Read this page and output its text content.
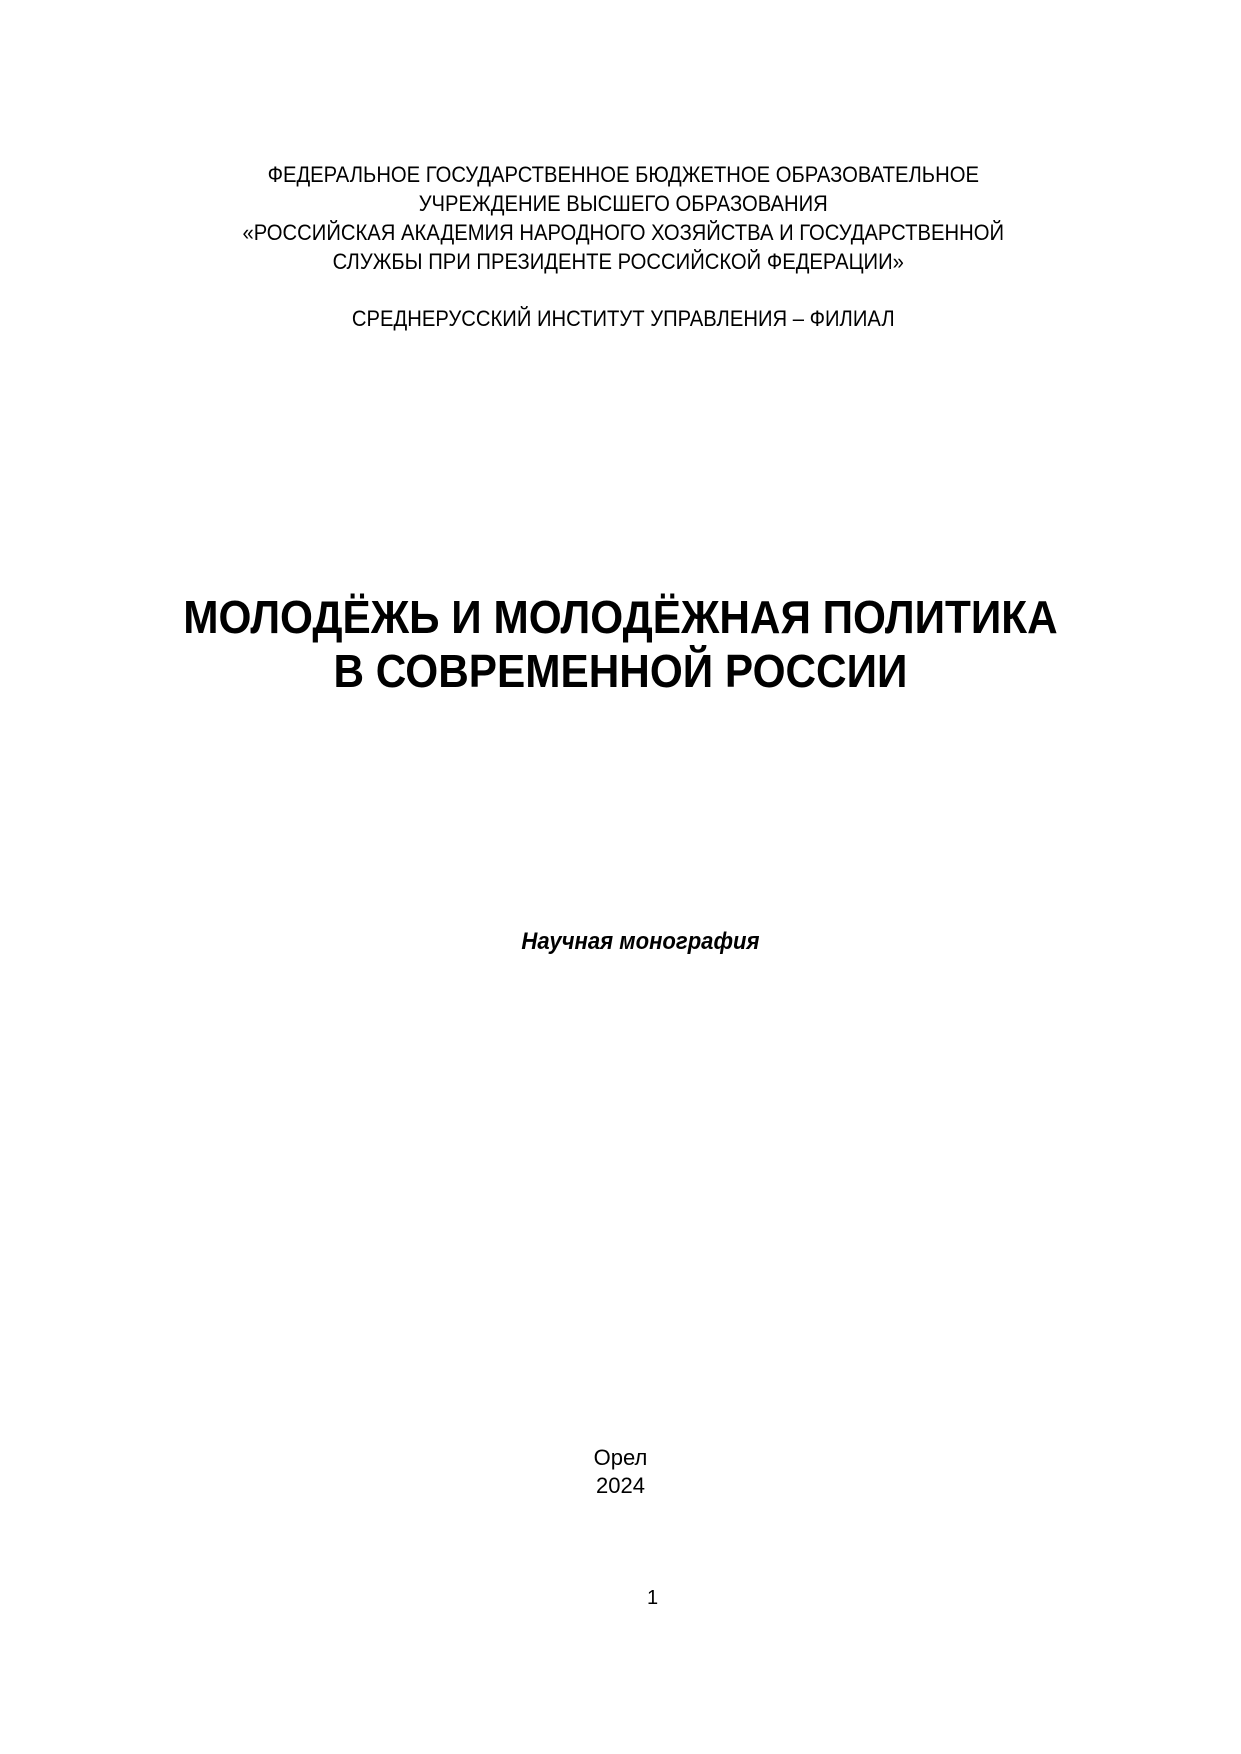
ФЕДЕРАЛЬНОЕ ГОСУДАРСТВЕННОЕ БЮДЖЕТНОЕ ОБРАЗОВАТЕЛЬНОЕ
УЧРЕЖДЕНИЕ ВЫСШЕГО ОБРАЗОВАНИЯ
«РОССИЙСКАЯ АКАДЕМИЯ НАРОДНОГО ХОЗЯЙСТВА И ГОСУДАРСТВЕННОЙ
СЛУЖБЫ ПРИ ПРЕЗИДЕНТЕ РОССИЙСКОЙ ФЕДЕРАЦИИ»
СРЕДНЕРУССКИЙ ИНСТИТУТ УПРАВЛЕНИЯ – ФИЛИАЛ
МОЛОДЁЖЬ И МОЛОДЁЖНАЯ ПОЛИТИКА
В СОВРЕМЕННОЙ РОССИИ
Научная монография
Орел
2024
1
